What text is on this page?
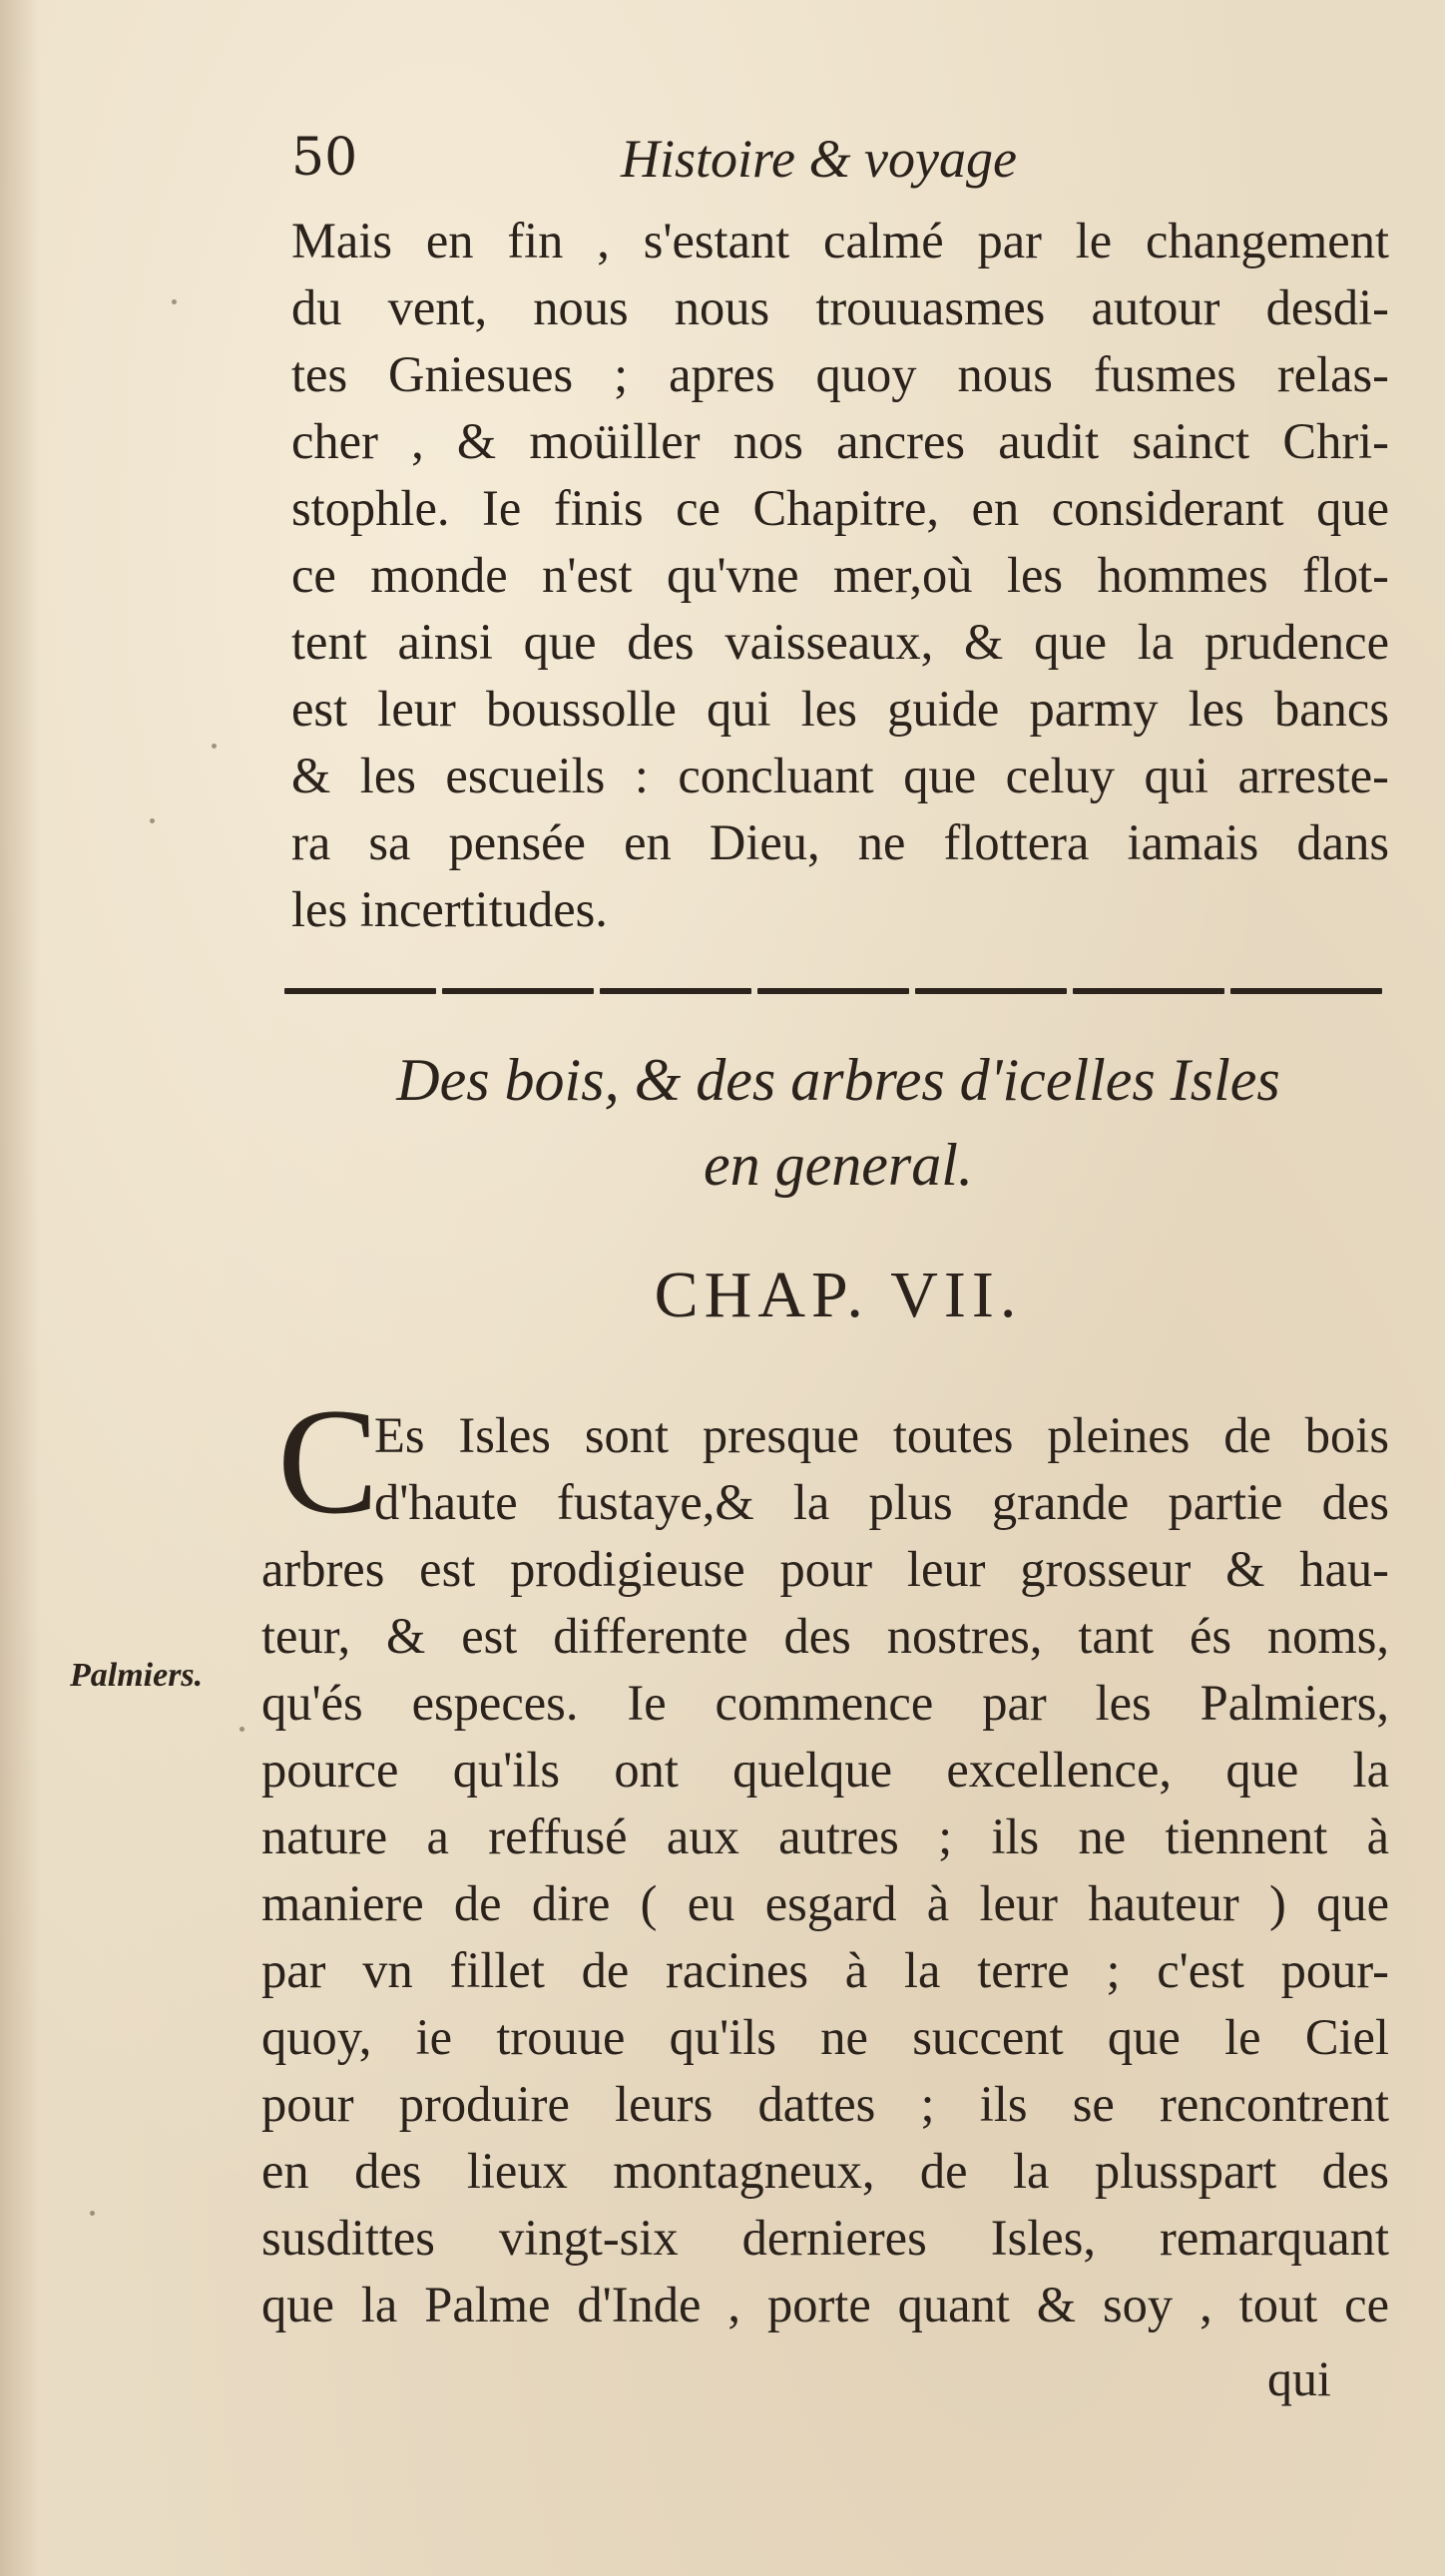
50	Histoire & voyage
Mais en fin , s'estant calmé par le changement
du vent, nous nous trouuasmes autour desdi-
tes Gniesues ; apres quoy nous fusmes relas-
cher , & moüiller nos ancres audit sainct Chri-
stophle. Ie finis ce Chapitre, en considerant que
ce monde n'est qu'vne mer,où les hommes flot-
tent ainsi que des vaisseaux, & que la prudence
est leur boussolle qui les guide parmy les bancs
& les escueils : concluant que celuy qui arreste-
ra sa pensée en Dieu, ne flottera iamais dans
les incertitudes.
Des bois, & des arbres d'icelles Isles
en general.
CHAP. VII.
C
Es Isles sont presque toutes pleines de bois
d'haute fustaye,& la plus grande partie des
arbres est prodigieuse pour leur grosseur & hau-
teur, & est differente des nostres, tant és noms,
qu'és especes. Ie commence par les Palmiers,
pource qu'ils ont quelque excellence, que la
nature a reffusé aux autres ; ils ne tiennent à
maniere de dire ( eu esgard à leur hauteur ) que
par vn fillet de racines à la terre ; c'est pour-
quoy, ie trouue qu'ils ne succent que le Ciel
pour produire leurs dattes ; ils se rencontrent
en des lieux montagneux, de la plusspart des
susdittes vingt-six dernieres Isles, remarquant
que la Palme d'Inde , porte quant & soy , tout ce
Palmiers.
qui
